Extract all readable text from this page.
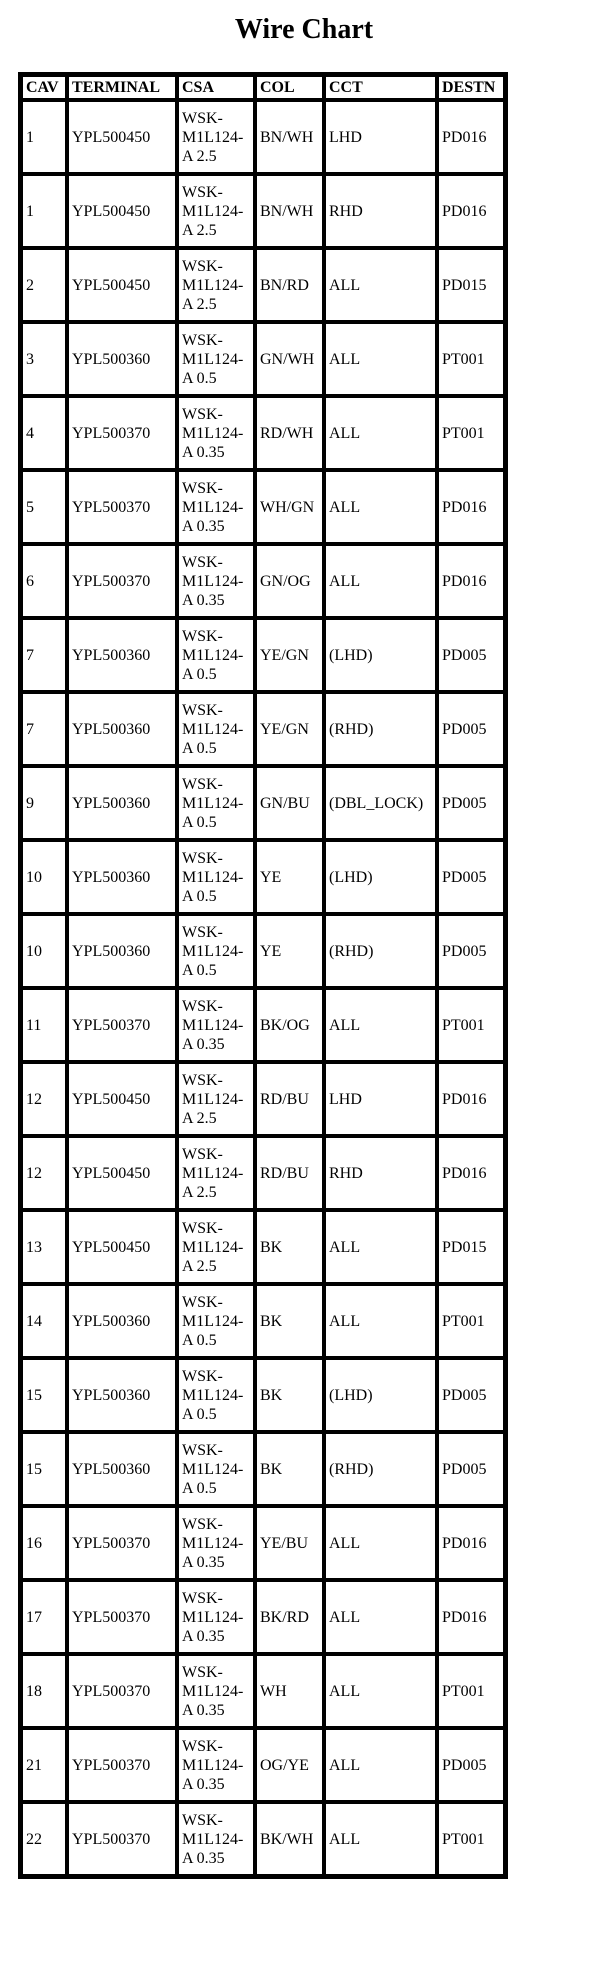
Wire Chart
CAV	TERMINAL	CSA	COL	CCT	DESTN
1	YPL500450	WSK-M1L124-A 2.5	BN/WH	LHD	PD016
1	YPL500450	WSK-M1L124-A 2.5	BN/WH	RHD	PD016
2	YPL500450	WSK-M1L124-A 2.5	BN/RD	ALL	PD015
3	YPL500360	WSK-M1L124-A 0.5	GN/WH	ALL	PT001
4	YPL500370	WSK-M1L124-A 0.35	RD/WH	ALL	PT001
5	YPL500370	WSK-M1L124-A 0.35	WH/GN	ALL	PD016
6	YPL500370	WSK-M1L124-A 0.35	GN/OG	ALL	PD016
7	YPL500360	WSK-M1L124-A 0.5	YE/GN	(LHD)	PD005
7	YPL500360	WSK-M1L124-A 0.5	YE/GN	(RHD)	PD005
9	YPL500360	WSK-M1L124-A 0.5	GN/BU	(DBL_LOCK)	PD005
10	YPL500360	WSK-M1L124-A 0.5	YE	(LHD)	PD005
10	YPL500360	WSK-M1L124-A 0.5	YE	(RHD)	PD005
11	YPL500370	WSK-M1L124-A 0.35	BK/OG	ALL	PT001
12	YPL500450	WSK-M1L124-A 2.5	RD/BU	LHD	PD016
12	YPL500450	WSK-M1L124-A 2.5	RD/BU	RHD	PD016
13	YPL500450	WSK-M1L124-A 2.5	BK	ALL	PD015
14	YPL500360	WSK-M1L124-A 0.5	BK	ALL	PT001
15	YPL500360	WSK-M1L124-A 0.5	BK	(LHD)	PD005
15	YPL500360	WSK-M1L124-A 0.5	BK	(RHD)	PD005
16	YPL500370	WSK-M1L124-A 0.35	YE/BU	ALL	PD016
17	YPL500370	WSK-M1L124-A 0.35	BK/RD	ALL	PD016
18	YPL500370	WSK-M1L124-A 0.35	WH	ALL	PT001
21	YPL500370	WSK-M1L124-A 0.35	OG/YE	ALL	PD005
22	YPL500370	WSK-M1L124-A 0.35	BK/WH	ALL	PT001
